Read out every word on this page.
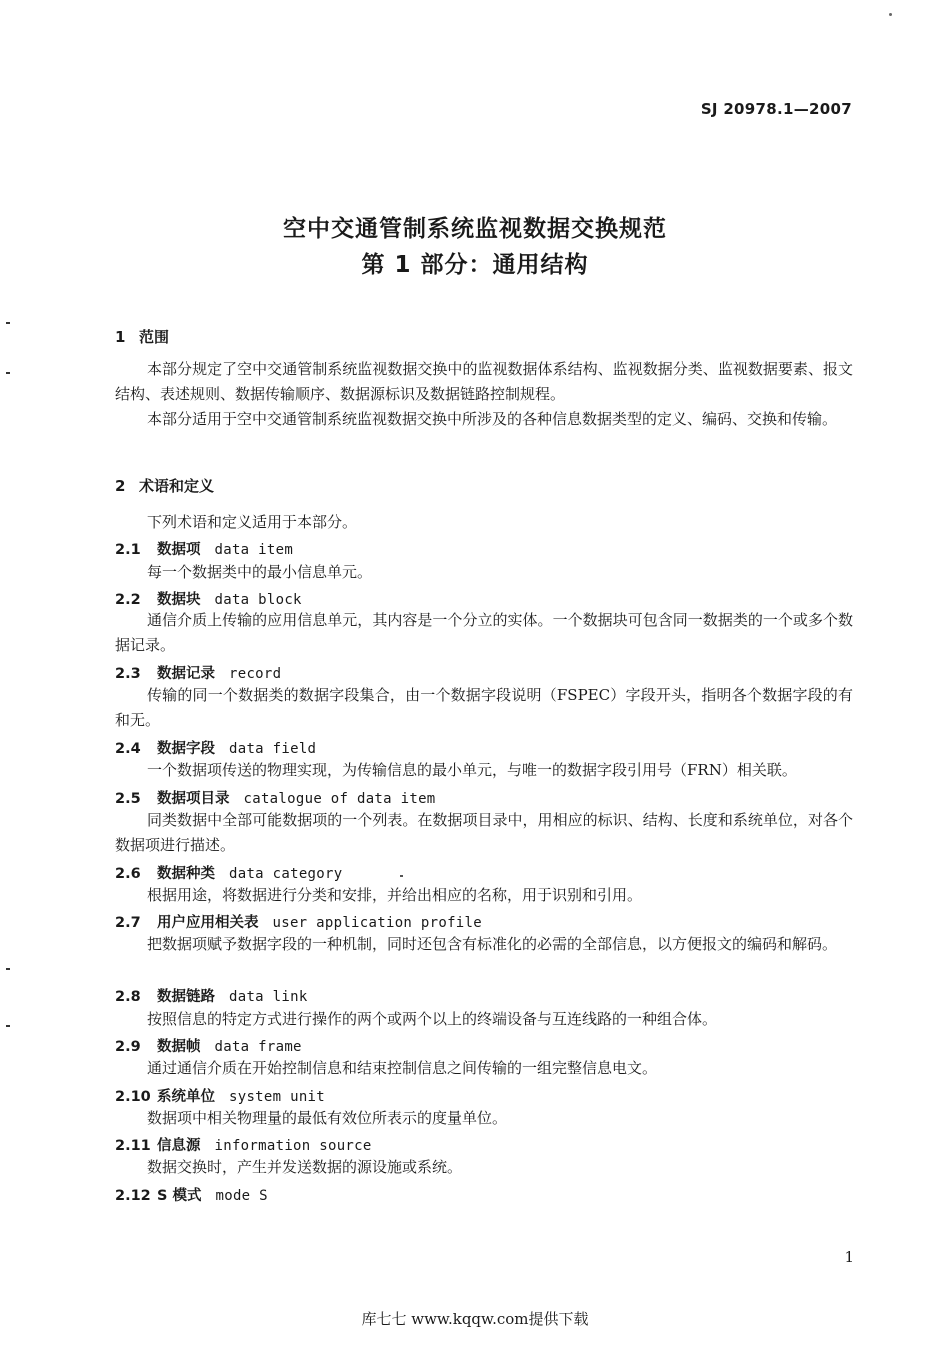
SJ 20978.1—2007
空中交通管制系统监视数据交换规范
第 1 部分：通用结构
1 范围

本部分规定了空中交通管制系统监视数据交换中的监视数据体系结构、监视数据分类、监视数据要素、报文结构、表述规则、数据传输顺序、数据源标识及数据链路控制规程。

本部分适用于空中交通管制系统监视数据交换中所涉及的各种信息数据类型的定义、编码、交换和传输。

2 术语和定义

下列术语和定义适用于本部分。

2.1 数据项 data item

每一个数据类中的最小信息单元。

2.2 数据块 data block

通信介质上传输的应用信息单元，其内容是一个分立的实体。一个数据块可包含同一数据类的一个或多个数据记录。

2.3 数据记录 record

传输的同一个数据类的数据字段集合，由一个数据字段说明（FSPEC）字段开头，指明各个数据字段的有和无。

2.4 数据字段 data field

一个数据项传送的物理实现，为传输信息的最小单元，与唯一的数据字段引用号（FRN）相关联。

2.5 数据项目录 catalogue of data item

同类数据中全部可能数据项的一个列表。在数据项目录中，用相应的标识、结构、长度和系统单位，对各个数据项进行描述。

2.6 数据种类 data category

根据用途，将数据进行分类和安排，并给出相应的名称，用于识别和引用。

2.7 用户应用相关表 user application profile

把数据项赋予数据字段的一种机制，同时还包含有标准化的必需的全部信息，以方便报文的编码和解码。

2.8 数据链路 data link

按照信息的特定方式进行操作的两个或两个以上的终端设备与互连线路的一种组合体。

2.9 数据帧 data frame

通过通信介质在开始控制信息和结束控制信息之间传输的一组完整信息电文。

2.10 系统单位 system unit

数据项中相关物理量的最低有效位所表示的度量单位。

2.11 信息源 information source

数据交换时，产生并发送数据的源设施或系统。

2.12 S 模式 mode S
1
库七七 www.kqqw.com提供下载
